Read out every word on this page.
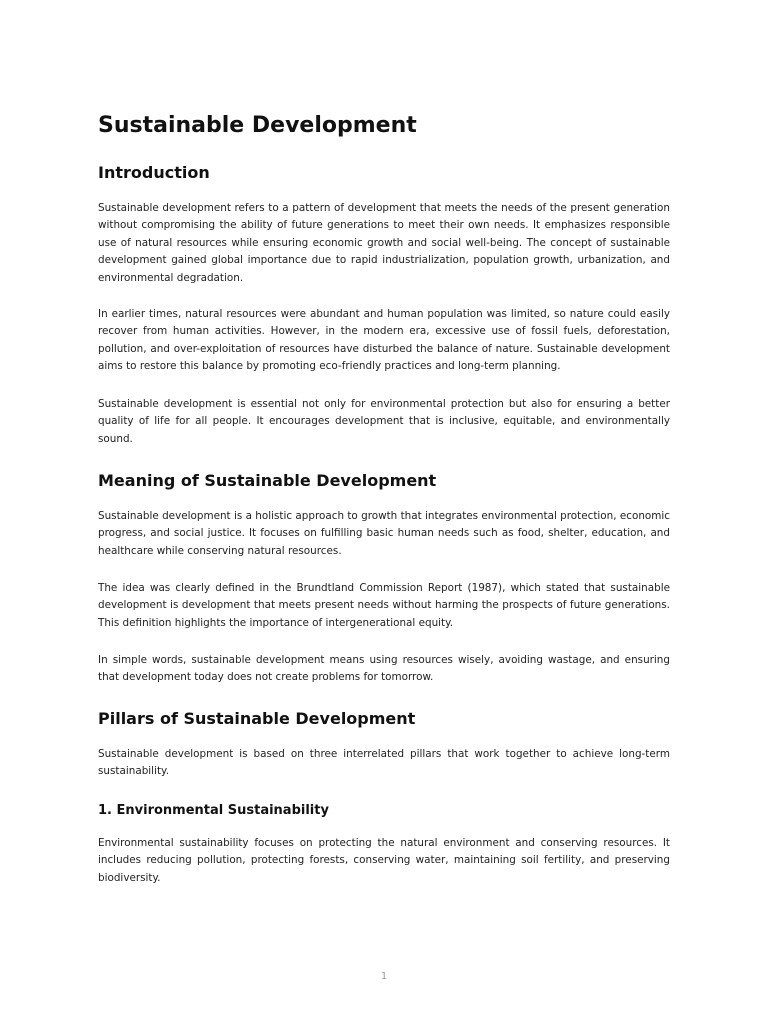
Sustainable Development
Introduction

Sustainable development refers to a pattern of development that meets the needs of the present generation without compromising the ability of future generations to meet their own needs. It emphasizes responsible use of natural resources while ensuring economic growth and social well-being. The concept of sustainable development gained global importance due to rapid industrialization, population growth, urbanization, and environmental degradation.

In earlier times, natural resources were abundant and human population was limited, so nature could easily recover from human activities. However, in the modern era, excessive use of fossil fuels, deforestation, pollution, and over-exploitation of resources have disturbed the balance of nature. Sustainable development aims to restore this balance by promoting eco-friendly practices and long-term planning.

Sustainable development is essential not only for environmental protection but also for ensuring a better quality of life for all people. It encourages development that is inclusive, equitable, and environmentally sound.

Meaning of Sustainable Development

Sustainable development is a holistic approach to growth that integrates environmental protection, economic progress, and social justice. It focuses on fulfilling basic human needs such as food, shelter, education, and healthcare while conserving natural resources.

The idea was clearly defined in the Brundtland Commission Report (1987), which stated that sustainable development is development that meets present needs without harming the prospects of future generations. This definition highlights the importance of intergenerational equity.

In simple words, sustainable development means using resources wisely, avoiding wastage, and ensuring that development today does not create problems for tomorrow.

Pillars of Sustainable Development

Sustainable development is based on three interrelated pillars that work together to achieve long-term sustainability.

1. Environmental Sustainability

Environmental sustainability focuses on protecting the natural environment and conserving resources. It includes reducing pollution, protecting forests, conserving water, maintaining soil fertility, and preserving biodiversity.

1
